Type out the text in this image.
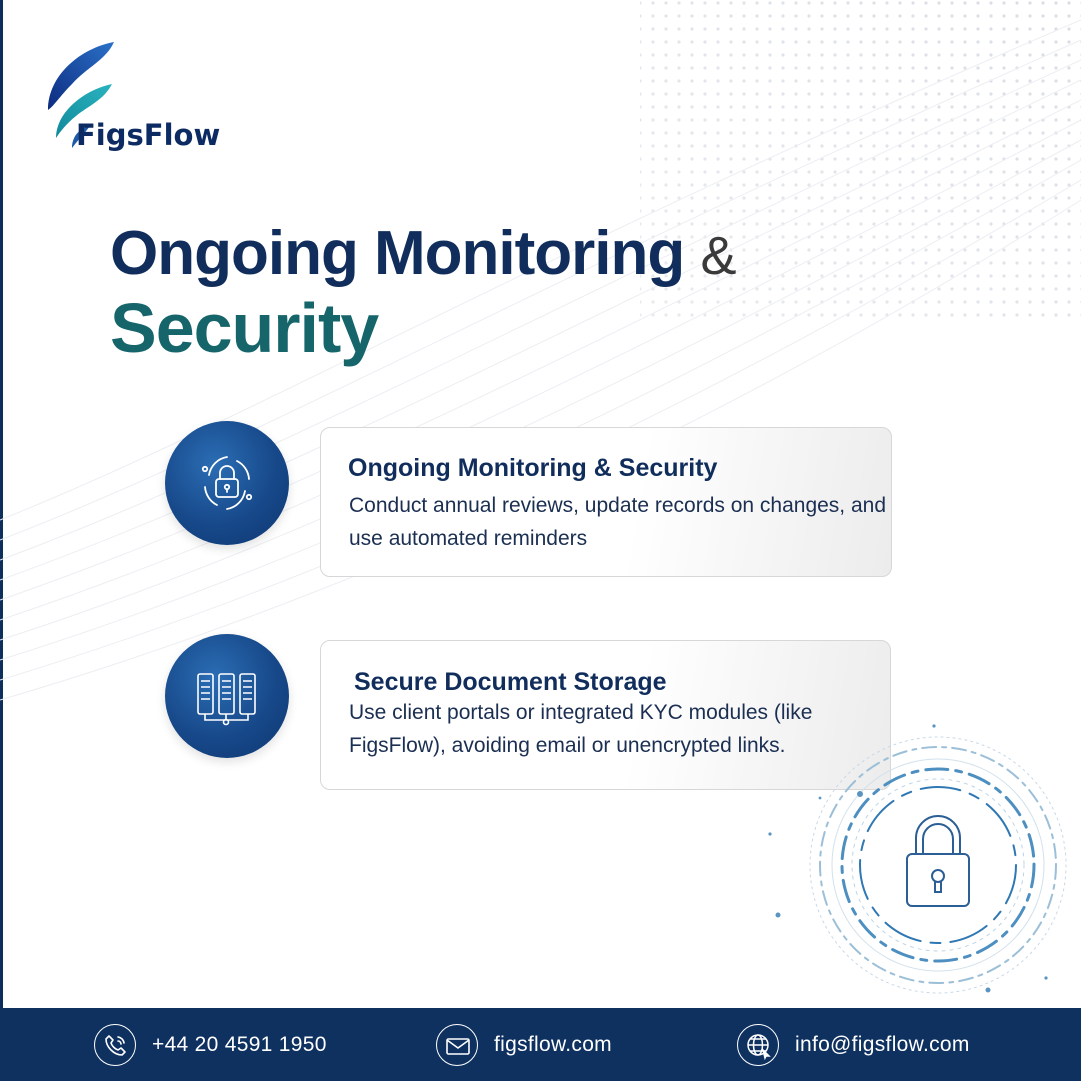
FigsFlow
Ongoing Monitoring &
Security
Ongoing Monitoring & Security
Conduct annual reviews, update records on changes, and use automated reminders
Secure Document Storage
Use client portals or integrated KYC modules (like FigsFlow), avoiding email or unencrypted links.
+44 20 4591 1950	figsflow.com	info@figsflow.com
